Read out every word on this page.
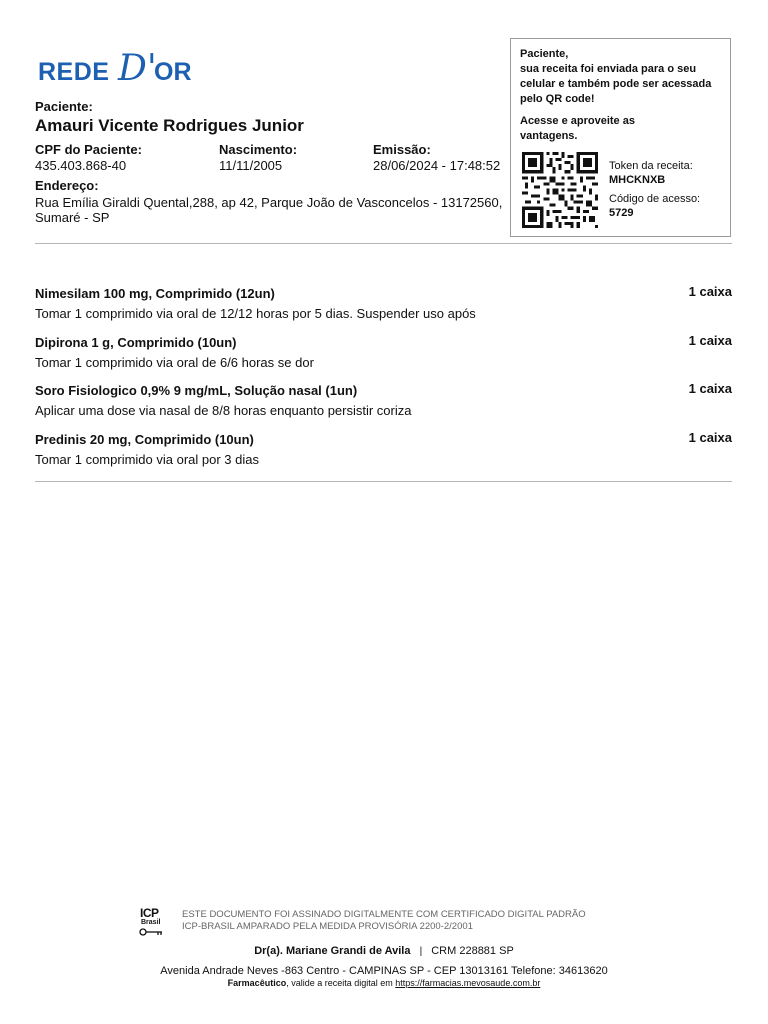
REDE D'
OR
Paciente:
Amauri Vicente Rodrigues Junior
CPF do Paciente:
435.403.868-40
Nascimento:
11/11/2005
Emissão:
28/06/2024 - 17:48:52
Endereço:
Rua Emília Giraldi Quental,288, ap 42, Parque João de Vasconcelos - 13172560,
Sumaré - SP
Paciente,
sua receita foi enviada para o seu
celular e também pode ser acessada
pelo QR code!
Acesse e aproveite as
vantagens.
Token da receita:
MHCKNXB
Código de acesso:
5729
Nimesilam 100 mg, Comprimido (12un)	1 caixa
Tomar 1 comprimido via oral de 12/12 horas por 5 dias. Suspender uso após
Dipirona 1 g, Comprimido (10un)	1 caixa
Tomar 1 comprimido via oral de 6/6 horas se dor
Soro Fisiologico 0,9% 9 mg/mL, Solução nasal (1un)	1 caixa
Aplicar uma dose via nasal de 8/8 horas enquanto persistir coriza
Predinis 20 mg, Comprimido (10un)	1 caixa
Tomar 1 comprimido via oral por 3 dias
ICP
Brasil
ESTE DOCUMENTO FOI ASSINADO DIGITALMENTE COM CERTIFICADO DIGITAL PADRÃO
ICP-BRASIL AMPARADO PELA MEDIDA PROVISÓRIA 2200-2/2001
Dr(a). Mariane Grandi de Avila | CRM 228881 SP
Avenida Andrade Neves -863 Centro - CAMPINAS SP - CEP 13013161 Telefone: 34613620
Farmacêutico, valide a receita digital em https://farmacias.mevosaude.com.br
